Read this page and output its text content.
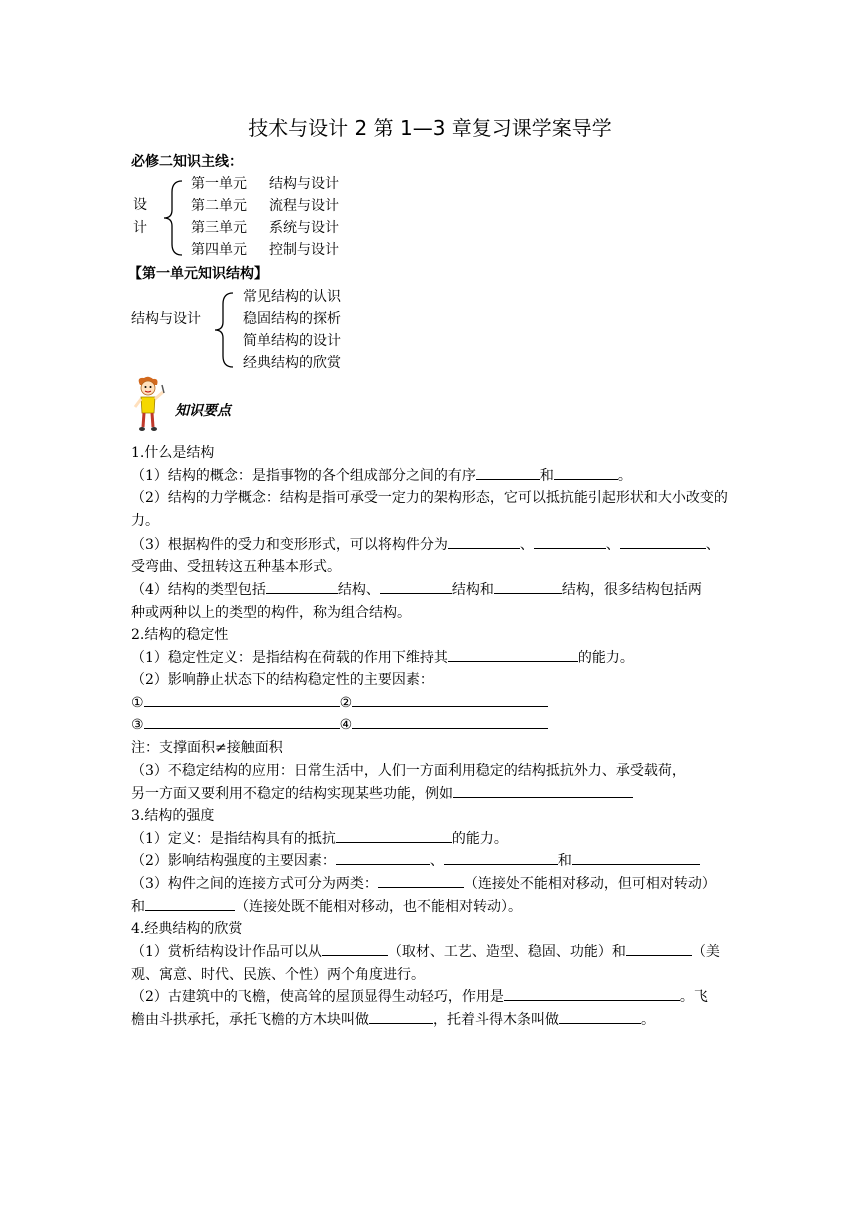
技术与设计 2 第 1—3 章复习课学案导学
必修二知识主线：
设
计
第一单元 结构与设计
第二单元 流程与设计
第三单元 系统与设计
第四单元 控制与设计
【第一单元知识结构】
结构与设计
常见结构的认识
稳固结构的探析
简单结构的设计
经典结构的欣赏
知识要点
1.什么是结构
（1）结构的概念：是指事物的各个组成部分之间的有序	和	。
（2）结构的力学概念：结构是指可承受一定力的架构形态，它可以抵抗能引起形状和大小改变的力。
（3）根据构件的受力和变形形式，可以将构件分为	、	、	、
受弯曲、受扭转这五种基本形式。
（4）结构的类型包括	结构、	结构和	结构，很多结构包括两
种或两种以上的类型的构件，称为组合结构。
2.结构的稳定性
（1）稳定性定义：是指结构在荷载的作用下维持其	的能力。
（2）影响静止状态下的结构稳定性的主要因素：
①	②
③	④
注：支撑面积≠接触面积
（3）不稳定结构的应用：日常生活中，人们一方面利用稳定的结构抵抗外力、承受载荷，
另一方面又要利用不稳定的结构实现某些功能，例如
3.结构的强度
（1）定义：是指结构具有的抵抗	的能力。
（2）影响结构强度的主要因素：	、	和
（3）构件之间的连接方式可分为两类：	（连接处不能相对移动，但可相对转动）
和	（连接处既不能相对移动，也不能相对转动）。
4.经典结构的欣赏
（1）赏析结构设计作品可以从	（取材、工艺、造型、稳固、功能）和	（美
观、寓意、时代、民族、个性）两个角度进行。
（2）古建筑中的飞檐，使高耸的屋顶显得生动轻巧，作用是	。飞
檐由斗拱承托，承托飞檐的方木块叫做	，托着斗得木条叫做	。
